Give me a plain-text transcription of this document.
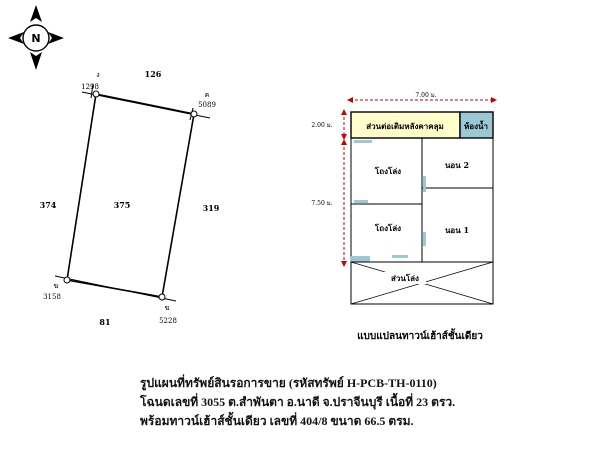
N
ง
1298
ค
5089
ฆ
3158
ฆ
5228
126
374	375	319
81
7.00 ม.
2.00 ม.
7.50 ม.
ส่วนต่อเติมหลังคาคลุม	ห้องน้ำ
โถงโล่ง
นอน 2
โถงโล่ง	นอน 1
ส่วนโล่ง
แบบแปลนทาวน์เฮ้าส์ชั้นเดียว
รูปแผนที่ทรัพย์สินรอการขาย (รหัสทรัพย์ H-PCB-TH-0110)
โฉนดเลขที่ 3055 ต.สำพันตา อ.นาดี จ.ปราจีนบุรี เนื้อที่ 23 ตรว.
พร้อมทาวน์เฮ้าส์ชั้นเดียว เลขที่ 404/8 ขนาด 66.5 ตรม.
